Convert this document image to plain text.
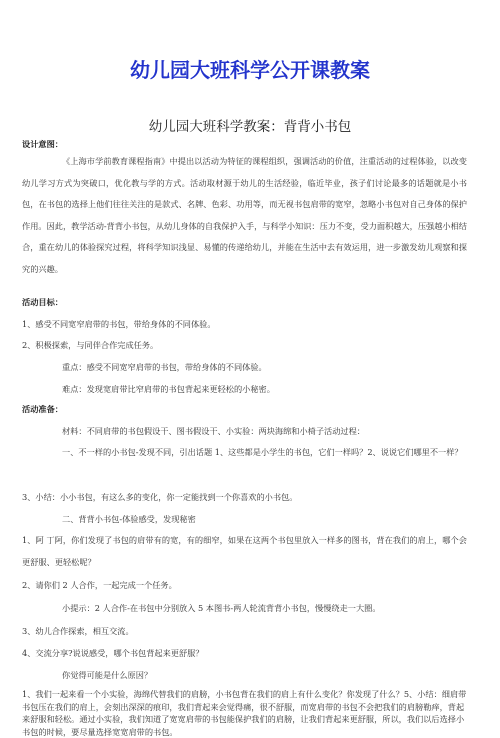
幼儿园大班科学公开课教案
幼儿园大班科学教案：背背小书包
设计意图：
《上海市学前教育课程指南》中提出以活动为特征的课程组织，强调活动的价值，注重活动的过程体验，以改变幼儿学习方式为突破口，优化教与学的方式。活动取材源于幼儿的生活经验，临近毕业，孩子们讨论最多的话题就是小书包，在书包的选择上他们往往关注的是款式、名牌、色彩、功用等，而无视书包肩带的宽窄，忽略小书包对自己身体的保护作用。因此，教学活动-背背小书包，从幼儿身体的自我保护入手，与科学小知识：压力不变，受力面积越大，压强越小相结合，重在幼儿的体验探究过程，将科学知识浅显、易懂的传递给幼儿，并能在生活中去有效运用，进一步激发幼儿观察和探究的兴趣。
活动目标：
1、感受不同宽窄肩带的书包，带给身体的不同体验。
2、积极探索，与同伴合作完成任务。
重点：感受不同宽窄肩带的书包，带给身体的不同体验。
难点：发现宽肩带比窄肩带的书包背起来更轻松的小秘密。
活动准备：
材料：不同肩带的书包假设干、图书假设干、小实验：两块海绵和小椅子活动过程：
一、不一样的小书包-发现不同，引出话题 1、这些都是小学生的书包，它们一样吗？2、说说它们哪里不一样？
3、小结：小小书包，有这么多的变化，你一定能找到一个你喜欢的小书包。
二、背背小书包-体验感受，发现秘密
1、阿 丁阿，你们发现了书包的肩带有的宽，有的细窄，如果在这两个书包里放入一样多的图书，背在我们的肩上，哪个会更舒服、更轻松呢？
2、请你们 2 人合作，一起完成一个任务。
小提示：2 人合作-在书包中分别放入 5 本图书-两人轮流背背小书包，慢慢绕走一大圈。
3、幼儿合作探索，相互交流。
4、交流分享?说说感受，哪个书包背起来更舒服？
你觉得可能是什么原因？
1、我们一起来看一个小实验，海绵代替我们的肩膀，小书包背在我们的肩上有什么变化？你发现了什么？5、小结：细肩带书包压在我们的肩上，会刻出深深的痕印，我们背起来会觉得痛，很不舒服，而宽肩带的书包不会把我们的肩膀勒痒，背起来舒服和轻松。通过小实验，我们知道了宽宽肩带的书包能保护我们的肩膀，让我们背起来更舒服，所以，我们以后选择小书包的时候，要尽量选择宽宽肩带的书包。
